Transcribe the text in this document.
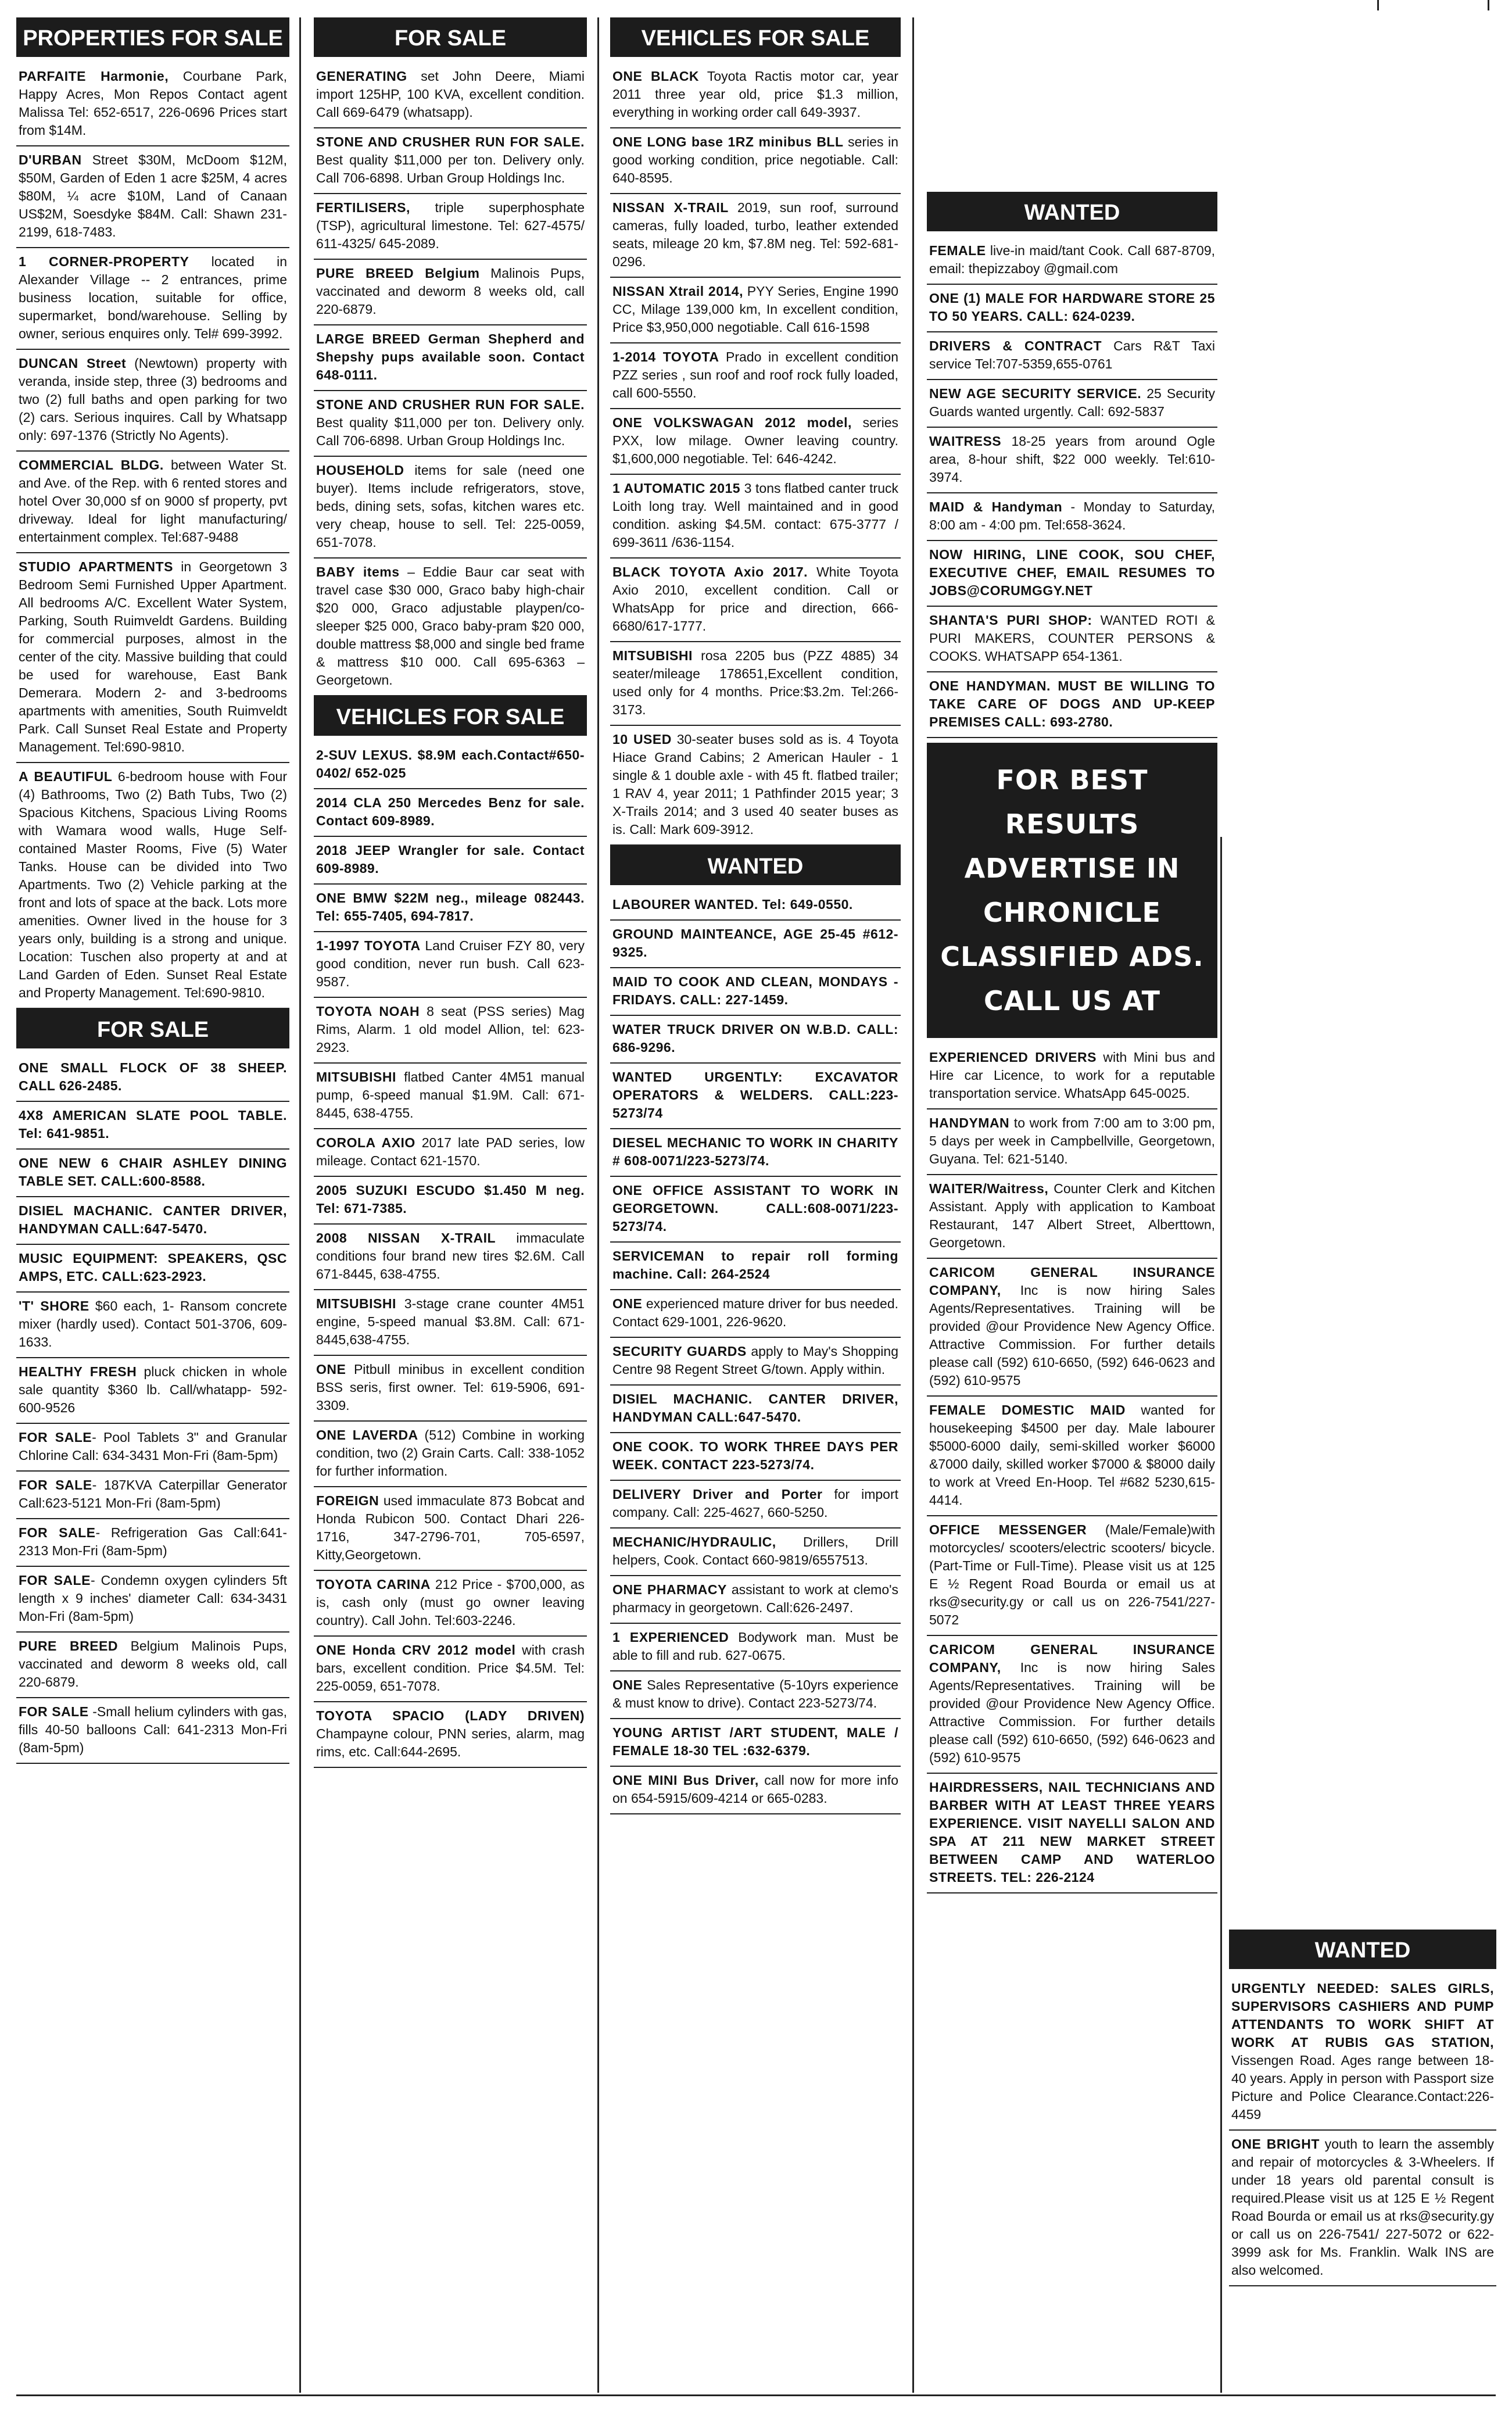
PROPERTIES FOR SALE
PARFAITE Harmonie, Courbane Park, Happy Acres, Mon Repos Contact agent Malissa Tel: 652-6517, 226-0696 Prices start from $14M.
D'URBAN Street $30M, McDoom $12M, $50M, Garden of Eden 1 acre $25M, 4 acres $80M, ¼ acre $10M, Land of Canaan US$2M, Soesdyke $84M. Call: Shawn 231-2199, 618-7483.
1 CORNER-PROPERTY located in Alexander Village -- 2 entrances, prime business location, suitable for office, supermarket, bond/warehouse. Selling by owner, serious enquires only. Tel# 699-3992.
DUNCAN Street (Newtown) property with veranda, inside step, three (3) bedrooms and two (2) full baths and open parking for two (2) cars. Serious inquires. Call by Whatsapp only: 697-1376 (Strictly No Agents).
COMMERCIAL BLDG. between Water St. and Ave. of the Rep. with 6 rented stores and hotel Over 30,000 sf on 9000 sf property, pvt driveway. Ideal for light manufacturing/ entertainment complex. Tel:687-9488
STUDIO APARTMENTS in Georgetown 3 Bedroom Semi Furnished Upper Apartment. All bedrooms A/C. Excellent Water System, Parking, South Ruimveldt Gardens. Building for commercial purposes, almost in the center of the city. Massive building that could be used for warehouse, East Bank Demerara. Modern 2- and 3-bedrooms apartments with amenities, South Ruimveldt Park. Call Sunset Real Estate and Property Management. Tel:690-9810.
A BEAUTIFUL 6-bedroom house with Four (4) Bathrooms, Two (2) Bath Tubs, Two (2) Spacious Kitchens, Spacious Living Rooms with Wamara wood walls, Huge Self-contained Master Rooms, Five (5) Water Tanks. House can be divided into Two Apartments. Two (2) Vehicle parking at the front and lots of space at the back. Lots more amenities. Owner lived in the house for 3 years only, building is a strong and unique. Location: Tuschen also property at and at Land Garden of Eden. Sunset Real Estate and Property Management. Tel:690-9810.
FOR SALE
ONE SMALL FLOCK OF 38 SHEEP. CALL 626-2485.
4X8 AMERICAN SLATE POOL TABLE. Tel: 641-9851.
ONE NEW 6 CHAIR ASHLEY DINING TABLE SET. CALL:600-8588.
DISIEL MACHANIC. CANTER DRIVER, HANDYMAN CALL:647-5470.
MUSIC EQUIPMENT: SPEAKERS, QSC AMPS, ETC. CALL:623-2923.
'T' SHORE $60 each, 1- Ransom concrete mixer (hardly used). Contact 501-3706, 609-1633.
HEALTHY FRESH pluck chicken in whole sale quantity $360 lb. Call/whatapp- 592-600-9526
FOR SALE- Pool Tablets 3" and Granular Chlorine Call: 634-3431 Mon-Fri (8am-5pm)
FOR SALE- 187KVA Caterpillar Generator Call:623-5121 Mon-Fri (8am-5pm)
FOR SALE- Refrigeration Gas Call:641-2313 Mon-Fri (8am-5pm)
FOR SALE- Condemn oxygen cylinders 5ft length x 9 inches' diameter Call: 634-3431 Mon-Fri (8am-5pm)
PURE BREED Belgium Malinois Pups, vaccinated and deworm 8 weeks old, call 220-6879.
FOR SALE -Small helium cylinders with gas, fills 40-50 balloons Call: 641-2313 Mon-Fri (8am-5pm)
FOR SALE
GENERATING set John Deere, Miami import 125HP, 100 KVA, excellent condition. Call 669-6479 (whatsapp).
STONE AND CRUSHER RUN FOR SALE. Best quality $11,000 per ton. Delivery only. Call 706-6898. Urban Group Holdings Inc.
FERTILISERS, triple superphosphate (TSP), agricultural limestone. Tel: 627-4575/ 611-4325/ 645-2089.
PURE BREED Belgium Malinois Pups, vaccinated and deworm 8 weeks old, call 220-6879.
LARGE BREED German Shepherd and Shepshy pups available soon. Contact 648-0111.
STONE AND CRUSHER RUN FOR SALE. Best quality $11,000 per ton. Delivery only. Call 706-6898. Urban Group Holdings Inc.
HOUSEHOLD items for sale (need one buyer). Items include refrigerators, stove, beds, dining sets, sofas, kitchen wares etc. very cheap, house to sell. Tel: 225-0059, 651-7078.
BABY items – Eddie Baur car seat with travel case $30 000, Graco baby high-chair $20 000, Graco adjustable playpen/co-sleeper $25 000, Graco baby-pram $20 000, double mattress $8,000 and single bed frame & mattress $10 000. Call 695-6363 – Georgetown.
VEHICLES FOR SALE
2-SUV LEXUS. $8.9M each.Contact#650-0402/ 652-025
2014 CLA 250 Mercedes Benz for sale. Contact 609-8989.
2018 JEEP Wrangler for sale. Contact 609-8989.
ONE BMW $22M neg., mileage 082443. Tel: 655-7405, 694-7817.
1-1997 TOYOTA Land Cruiser FZY 80, very good condition, never run bush. Call 623-9587.
TOYOTA NOAH 8 seat (PSS series) Mag Rims, Alarm. 1 old model Allion, tel: 623-2923.
MITSUBISHI flatbed Canter 4M51 manual pump, 6-speed manual $1.9M. Call: 671-8445, 638-4755.
COROLA AXIO 2017 late PAD series, low mileage. Contact 621-1570.
2005 SUZUKI ESCUDO $1.450 M neg. Tel: 671-7385.
2008 NISSAN X-TRAIL immaculate conditions four brand new tires $2.6M. Call 671-8445, 638-4755.
MITSUBISHI 3-stage crane counter 4M51 engine, 5-speed manual $3.8M. Call: 671-8445,638-4755.
ONE Pitbull minibus in excellent condition BSS seris, first owner. Tel: 619-5906, 691-3309.
ONE LAVERDA (512) Combine in working condition, two (2) Grain Carts. Call: 338-1052 for further information.
FOREIGN used immaculate 873 Bobcat and Honda Rubicon 500. Contact Dhari 226-1716, 347-2796-701, 705-6597, Kitty,Georgetown.
TOYOTA CARINA 212 Price - $700,000, as is, cash only (must go owner leaving country). Call John. Tel:603-2246.
ONE Honda CRV 2012 model with crash bars, excellent condition. Price $4.5M. Tel: 225-0059, 651-7078.
TOYOTA SPACIO (LADY DRIVEN) Champayne colour, PNN series, alarm, mag rims, etc. Call:644-2695.
VEHICLES FOR SALE
ONE BLACK Toyota Ractis motor car, year 2011 three year old, price $1.3 million, everything in working order call 649-3937.
ONE LONG base 1RZ minibus BLL series in good working condition, price negotiable. Call: 640-8595.
NISSAN X-TRAIL 2019, sun roof, surround cameras, fully loaded, turbo, leather extended seats, mileage 20 km, $7.8M neg. Tel: 592-681-0296.
NISSAN Xtrail 2014, PYY Series, Engine 1990 CC, Milage 139,000 km, In excellent condition, Price $3,950,000 negotiable. Call 616-1598
1-2014 TOYOTA Prado in excellent condition PZZ series , sun roof and roof rock fully loaded, call 600-5550.
ONE VOLKSWAGAN 2012 model, series PXX, low milage. Owner leaving country. $1,600,000 negotiable. Tel: 646-4242.
1 AUTOMATIC 2015 3 tons flatbed canter truck Loith long tray. Well maintained and in good condition. asking $4.5M. contact: 675-3777 / 699-3611 /636-1154.
BLACK TOYOTA Axio 2017. White Toyota Axio 2010, excellent condition. Call or WhatsApp for price and direction, 666-6680/617-1777.
MITSUBISHI rosa 2205 bus (PZZ 4885) 34 seater/mileage 178651,Excellent condition, used only for 4 months. Price:$3.2m. Tel:266-3173.
10 USED 30-seater buses sold as is. 4 Toyota Hiace Grand Cabins; 2 American Hauler - 1 single & 1 double axle - with 45 ft. flatbed trailer; 1 RAV 4, year 2011; 1 Pathfinder 2015 year; 3 X-Trails 2014; and 3 used 40 seater buses as is. Call: Mark 609-3912.
WANTED
LABOURER WANTED. Tel: 649-0550.
GROUND MAINTEANCE, AGE 25-45 #612-9325.
MAID TO COOK AND CLEAN, MONDAYS - FRIDAYS. CALL: 227-1459.
WATER TRUCK DRIVER ON W.B.D. CALL: 686-9296.
WANTED URGENTLY: EXCAVATOR OPERATORS & WELDERS. CALL:223-5273/74
DIESEL MECHANIC TO WORK IN CHARITY # 608-0071/223-5273/74.
ONE OFFICE ASSISTANT TO WORK IN GEORGETOWN. CALL:608-0071/223-5273/74.
SERVICEMAN to repair roll forming machine. Call: 264-2524
ONE experienced mature driver for bus needed. Contact 629-1001, 226-9620.
SECURITY GUARDS apply to May's Shopping Centre 98 Regent Street G/town. Apply within.
DISIEL MACHANIC. CANTER DRIVER, HANDYMAN CALL:647-5470.
ONE COOK. TO WORK THREE DAYS PER WEEK. CONTACT 223-5273/74.
DELIVERY Driver and Porter for import company. Call: 225-4627, 660-5250.
MECHANIC/HYDRAULIC, Drillers, Drill helpers, Cook. Contact 660-9819/6557513.
ONE PHARMACY assistant to work at clemo's pharmacy in georgetown. Call:626-2497.
1 EXPERIENCED Bodywork man. Must be able to fill and rub. 627-0675.
ONE Sales Representative (5-10yrs experience & must know to drive). Contact 223-5273/74.
YOUNG ARTIST /ART STUDENT, MALE / FEMALE 18-30 TEL :632-6379.
ONE MINI Bus Driver, call now for more info on 654-5915/609-4214 or 665-0283.
WANTED
FEMALE live-in maid/tant Cook. Call 687-8709, email: thepizzaboy @gmail.com
ONE (1) MALE FOR HARDWARE STORE 25 TO 50 YEARS. CALL: 624-0239.
DRIVERS & CONTRACT Cars R&T Taxi service Tel:707-5359,655-0761
NEW AGE SECURITY SERVICE. 25 Security Guards wanted urgently. Call: 692-5837
WAITRESS 18-25 years from around Ogle area, 8-hour shift, $22 000 weekly. Tel:610-3974.
MAID & Handyman - Monday to Saturday, 8:00 am - 4:00 pm. Tel:658-3624.
NOW HIRING, LINE COOK, SOU CHEF, EXECUTIVE CHEF, EMAIL RESUMES TO JOBS@CORUMGGY.NET
SHANTA'S PURI SHOP: WANTED ROTI & PURI MAKERS, COUNTER PERSONS & COOKS. WHATSAPP 654-1361.
ONE HANDYMAN. MUST BE WILLING TO TAKE CARE OF DOGS AND UP-KEEP PREMISES CALL: 693-2780.
FOR BEST RESULTS ADVERTISE IN CHRONICLE CLASSIFIED ADS. CALL US AT
EXPERIENCED DRIVERS with Mini bus and Hire car Licence, to work for a reputable transportation service. WhatsApp 645-0025.
HANDYMAN to work from 7:00 am to 3:00 pm, 5 days per week in Campbellville, Georgetown, Guyana. Tel: 621-5140.
WAITER/Waitress, Counter Clerk and Kitchen Assistant. Apply with application to Kamboat Restaurant, 147 Albert Street, Alberttown, Georgetown.
CARICOM GENERAL INSURANCE COMPANY, Inc is now hiring Sales Agents/Representatives. Training will be provided @our Providence New Agency Office. Attractive Commission. For further details please call (592) 610-6650, (592) 646-0623 and (592) 610-9575
FEMALE DOMESTIC MAID wanted for housekeeping $4500 per day. Male labourer $5000-6000 daily, semi-skilled worker $6000 &7000 daily, skilled worker $7000 & $8000 daily to work at Vreed En-Hoop. Tel #682 5230,615-4414.
OFFICE MESSENGER (Male/Female)with motorcycles/ scooters/electric scooters/ bicycle.(Part-Time or Full-Time). Please visit us at 125 E ½ Regent Road Bourda or email us at rks@security.gy or call us on 226-7541/227-5072
CARICOM GENERAL INSURANCE COMPANY, Inc is now hiring Sales Agents/Representatives. Training will be provided @our Providence New Agency Office. Attractive Commission. For further details please call (592) 610-6650, (592) 646-0623 and (592) 610-9575
HAIRDRESSERS, NAIL TECHNICIANS AND BARBER WITH AT LEAST THREE YEARS EXPERIENCE. VISIT NAYELLI SALON AND SPA AT 211 NEW MARKET STREET BETWEEN CAMP AND WATERLOO STREETS. TEL: 226-2124
WANTED
URGENTLY NEEDED: SALES GIRLS, SUPERVISORS CASHIERS AND PUMP ATTENDANTS TO WORK SHIFT AT WORK AT RUBIS GAS STATION, Vissengen Road. Ages range between 18-40 years. Apply in person with Passport size Picture and Police Clearance.Contact:226-4459
ONE BRIGHT youth to learn the assembly and repair of motorcycles & 3-Wheelers. If under 18 years old parental consult is required.Please visit us at 125 E ½ Regent Road Bourda or email us at rks@security.gy or call us on 226-7541/ 227-5072 or 622-3999 ask for Ms. Franklin. Walk INS are also welcomed.
